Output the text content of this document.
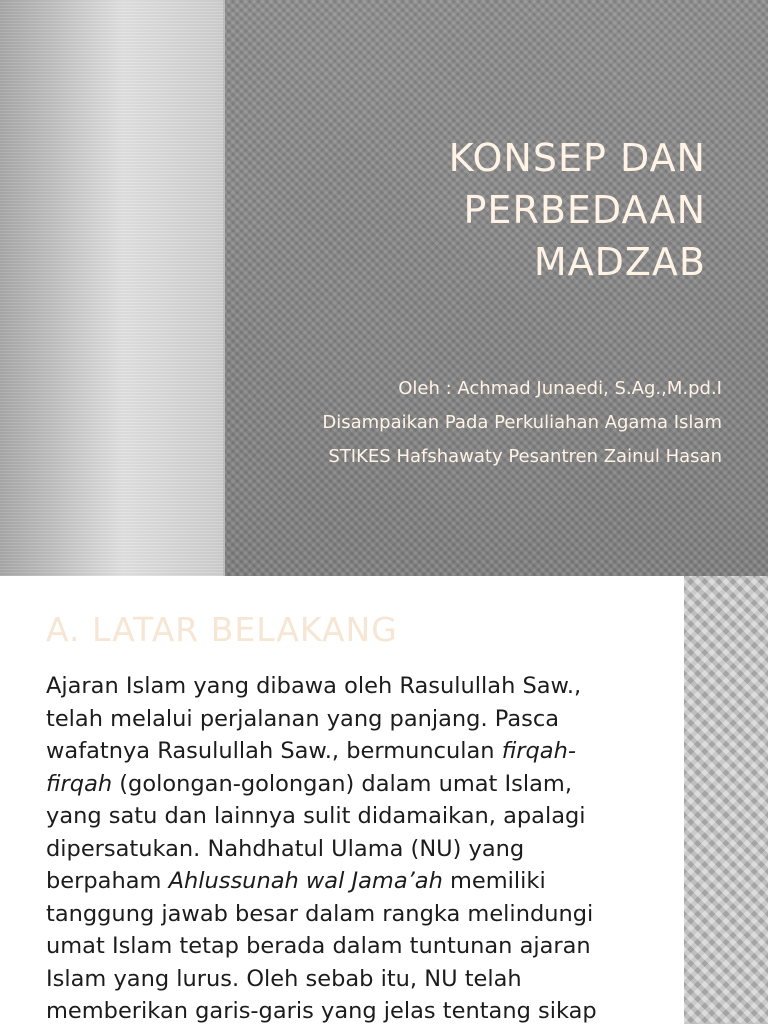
KONSEP DAN
PERBEDAAN
MADZAB
Oleh : Achmad Junaedi, S.Ag.,M.pd.I
Disampaikan Pada Perkuliahan Agama Islam
STIKES Hafshawaty Pesantren Zainul Hasan
A. LATAR BELAKANG
Ajaran Islam yang dibawa oleh Rasulullah Saw.,
telah melalui perjalanan yang panjang. Pasca
wafatnya Rasulullah Saw., bermunculan firqah-
firqah (golongan-golongan) dalam umat Islam,
yang satu dan lainnya sulit didamaikan, apalagi
dipersatukan. Nahdhatul Ulama (NU) yang
berpaham Ahlussunah wal Jama’ah memiliki
tanggung jawab besar dalam rangka melindungi
umat Islam tetap berada dalam tuntunan ajaran
Islam yang lurus. Oleh sebab itu, NU telah
memberikan garis-garis yang jelas tentang sikap
